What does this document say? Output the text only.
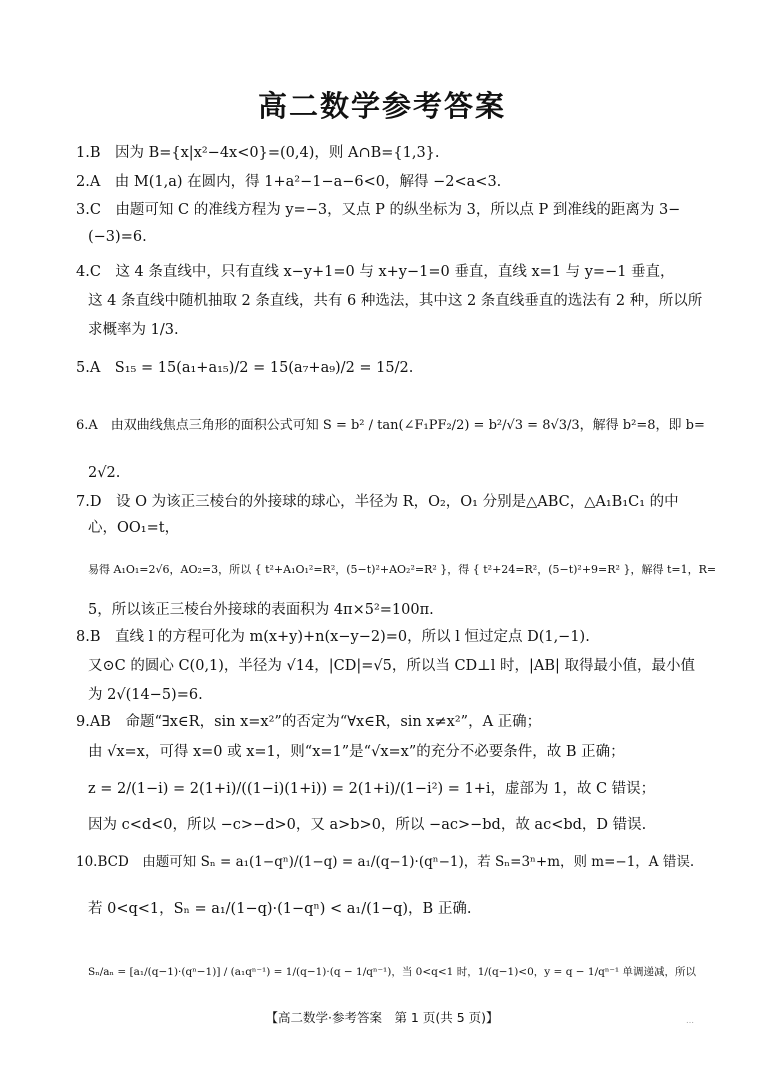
高二数学参考答案
1.B　因为 B={x|x²−4x<0}=(0,4)，则 A∩B={1,3}.
2.A　由 M(1,a) 在圆内，得 1+a²−1−a−6<0，解得 −2<a<3.
3.C　由题可知 C 的准线方程为 y=−3，又点 P 的纵坐标为 3，所以点 P 到准线的距离为 3−
(−3)=6.
4.C　这 4 条直线中，只有直线 x−y+1=0 与 x+y−1=0 垂直，直线 x=1 与 y=−1 垂直，
这 4 条直线中随机抽取 2 条直线，共有 6 种选法，其中这 2 条直线垂直的选法有 2 种，所以所
求概率为 1/3.
5.A　S₁₅ = 15(a₁+a₁₅)/2 = 15(a₇+a₉)/2 = 15/2.
6.A　由双曲线焦点三角形的面积公式可知 S = b² / tan(∠F₁PF₂/2) = b²/√3 = 8√3/3，解得 b²=8，即 b=
2√2.
7.D　设 O 为该正三棱台的外接球的球心，半径为 R，O₂，O₁ 分别是△ABC，△A₁B₁C₁ 的中
心，OO₁=t，
易得 A₁O₁=2√6，AO₂=3，所以 { t²+A₁O₁²=R²，(5−t)²+AO₂²=R² }，得 { t²+24=R²，(5−t)²+9=R² }，解得 t=1，R=
5，所以该正三棱台外接球的表面积为 4π×5²=100π.
8.B　直线 l 的方程可化为 m(x+y)+n(x−y−2)=0，所以 l 恒过定点 D(1,−1).
又⊙C 的圆心 C(0,1)，半径为 √14，|CD|=√5，所以当 CD⊥l 时，|AB| 取得最小值，最小值
为 2√(14−5)=6.
9.AB　命题“∃x∈R，sin x=x²”的否定为“∀x∈R，sin x≠x²”，A 正确；
由 √x=x，可得 x=0 或 x=1，则“x=1”是“√x=x”的充分不必要条件，故 B 正确；
z = 2/(1−i) = 2(1+i)/((1−i)(1+i)) = 2(1+i)/(1−i²) = 1+i，虚部为 1，故 C 错误；
因为 c<d<0，所以 −c>−d>0，又 a>b>0，所以 −ac>−bd，故 ac<bd，D 错误.
10.BCD　由题可知 Sₙ = a₁(1−qⁿ)/(1−q) = a₁/(q−1)·(qⁿ−1)，若 Sₙ=3ⁿ+m，则 m=−1，A 错误.
若 0<q<1，Sₙ = a₁/(1−q)·(1−qⁿ) < a₁/(1−q)，B 正确.
Sₙ/aₙ = [a₁/(q−1)·(qⁿ−1)] / (a₁qⁿ⁻¹) = 1/(q−1)·(q − 1/qⁿ⁻¹)，当 0<q<1 时，1/(q−1)<0，y = q − 1/qⁿ⁻¹ 单调递减，所以
【高二数学·参考答案　第 1 页(共 5 页)】	…
